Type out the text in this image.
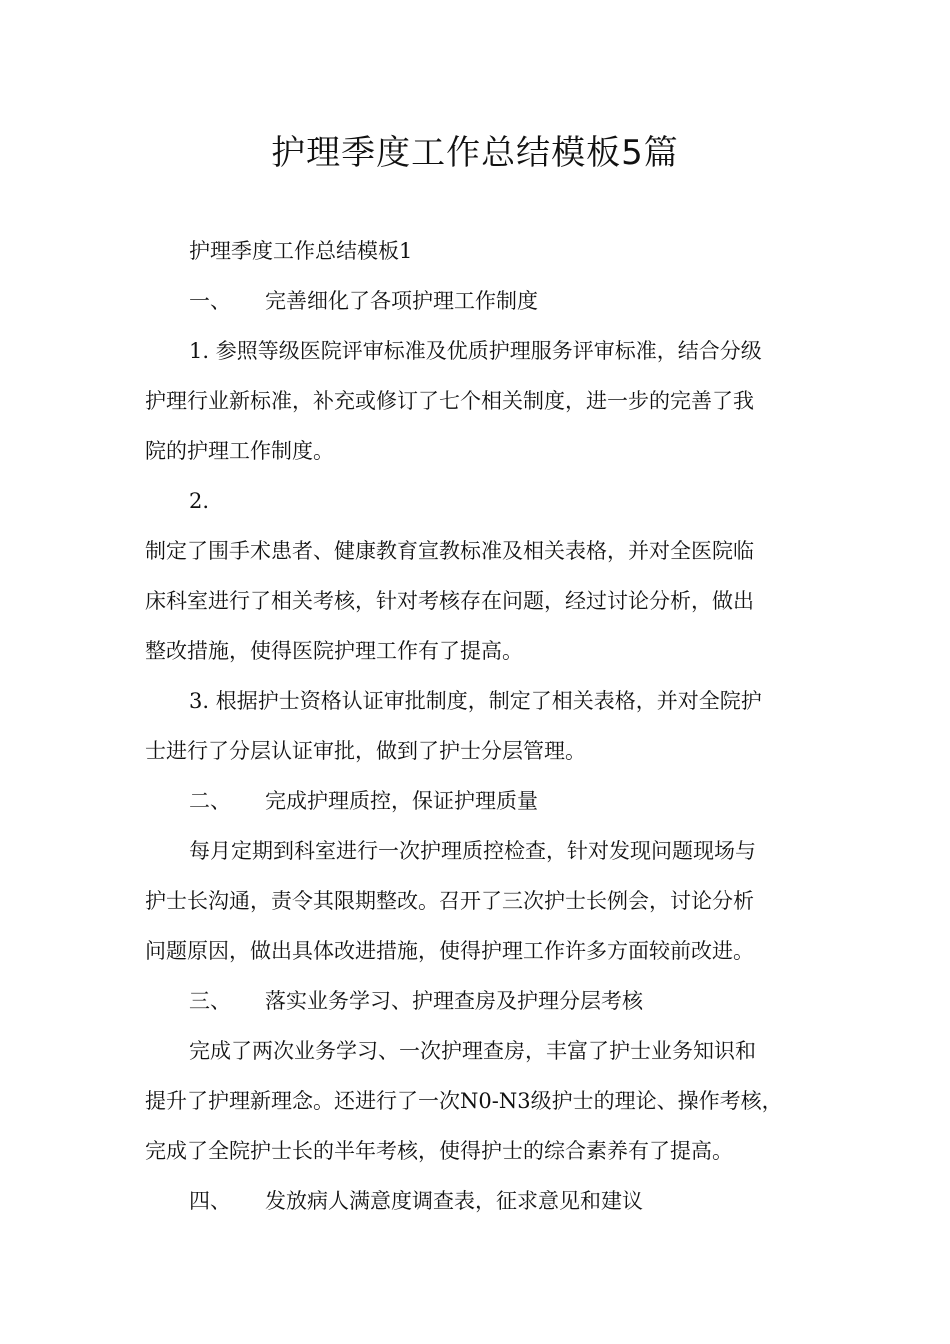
护理季度工作总结模板5篇
护理季度工作总结模板1
一、 完善细化了各项护理工作制度
1. 参照等级医院评审标准及优质护理服务评审标准，结合分级
护理行业新标准，补充或修订了七个相关制度，进一步的完善了我
院的护理工作制度。
2.
制定了围手术患者、健康教育宣教标准及相关表格，并对全医院临
床科室进行了相关考核，针对考核存在问题，经过讨论分析，做出
整改措施，使得医院护理工作有了提高。
3. 根据护士资格认证审批制度，制定了相关表格，并对全院护
士进行了分层认证审批，做到了护士分层管理。
二、 完成护理质控，保证护理质量
每月定期到科室进行一次护理质控检查，针对发现问题现场与
护士长沟通，责令其限期整改。召开了三次护士长例会，讨论分析
问题原因，做出具体改进措施，使得护理工作许多方面较前改进。
三、 落实业务学习、护理查房及护理分层考核
完成了两次业务学习、一次护理查房，丰富了护士业务知识和
提升了护理新理念。还进行了一次N0-N3级护士的理论、操作考核，
完成了全院护士长的半年考核，使得护士的综合素养有了提高。
四、 发放病人满意度调查表，征求意见和建议
